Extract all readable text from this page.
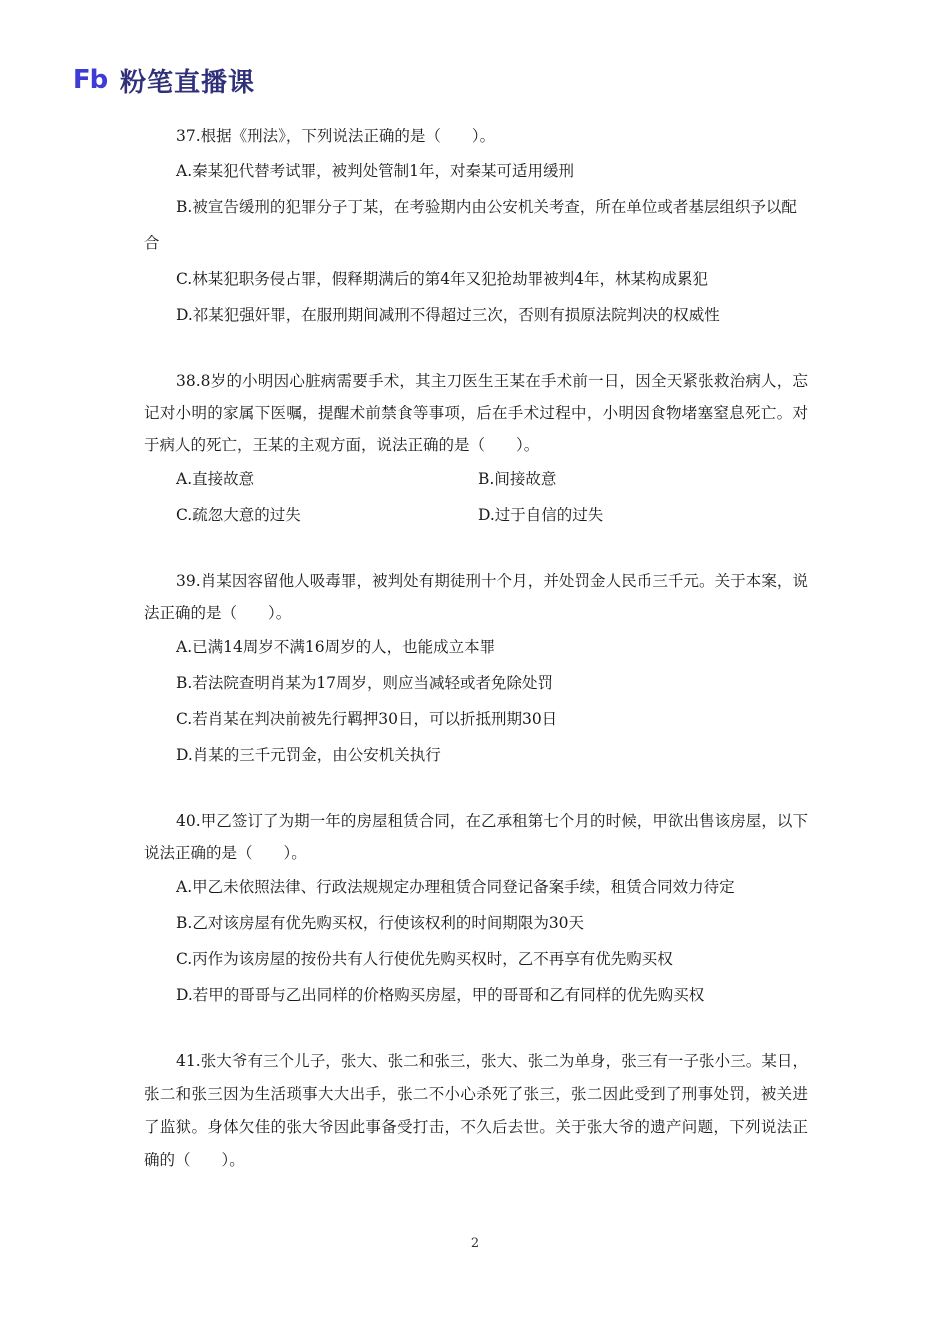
Fb 粉笔直播课

37.根据《刑法》，下列说法正确的是（　　）。

A.秦某犯代替考试罪，被判处管制1年，对秦某可适用缓刑

B.被宣告缓刑的犯罪分子丁某，在考验期内由公安机关考查，所在单位或者基层组织予以配合

C.林某犯职务侵占罪，假释期满后的第4年又犯抢劫罪被判4年，林某构成累犯

D.祁某犯强奸罪，在服刑期间减刑不得超过三次，否则有损原法院判决的权威性

38.8岁的小明因心脏病需要手术，其主刀医生王某在手术前一日，因全天紧张救治病人，忘记对小明的家属下医嘱，提醒术前禁食等事项，后在手术过程中，小明因食物堵塞窒息死亡。对于病人的死亡，王某的主观方面，说法正确的是（　　）。

A.直接故意	B.间接故意

C.疏忽大意的过失	D.过于自信的过失

39.肖某因容留他人吸毒罪，被判处有期徒刑十个月，并处罚金人民币三千元。关于本案，说法正确的是（　　）。

A.已满14周岁不满16周岁的人，也能成立本罪

B.若法院查明肖某为17周岁，则应当减轻或者免除处罚

C.若肖某在判决前被先行羁押30日，可以折抵刑期30日

D.肖某的三千元罚金，由公安机关执行

40.甲乙签订了为期一年的房屋租赁合同，在乙承租第七个月的时候，甲欲出售该房屋，以下说法正确的是（　　）。

A.甲乙未依照法律、行政法规规定办理租赁合同登记备案手续，租赁合同效力待定

B.乙对该房屋有优先购买权，行使该权利的时间期限为30天

C.丙作为该房屋的按份共有人行使优先购买权时，乙不再享有优先购买权

D.若甲的哥哥与乙出同样的价格购买房屋，甲的哥哥和乙有同样的优先购买权

41.张大爷有三个儿子，张大、张二和张三，张大、张二为单身，张三有一子张小三。某日，张二和张三因为生活琐事大大出手，张二不小心杀死了张三，张二因此受到了刑事处罚，被关进了监狱。身体欠佳的张大爷因此事备受打击，不久后去世。关于张大爷的遗产问题，下列说法正确的（　　）。

2
